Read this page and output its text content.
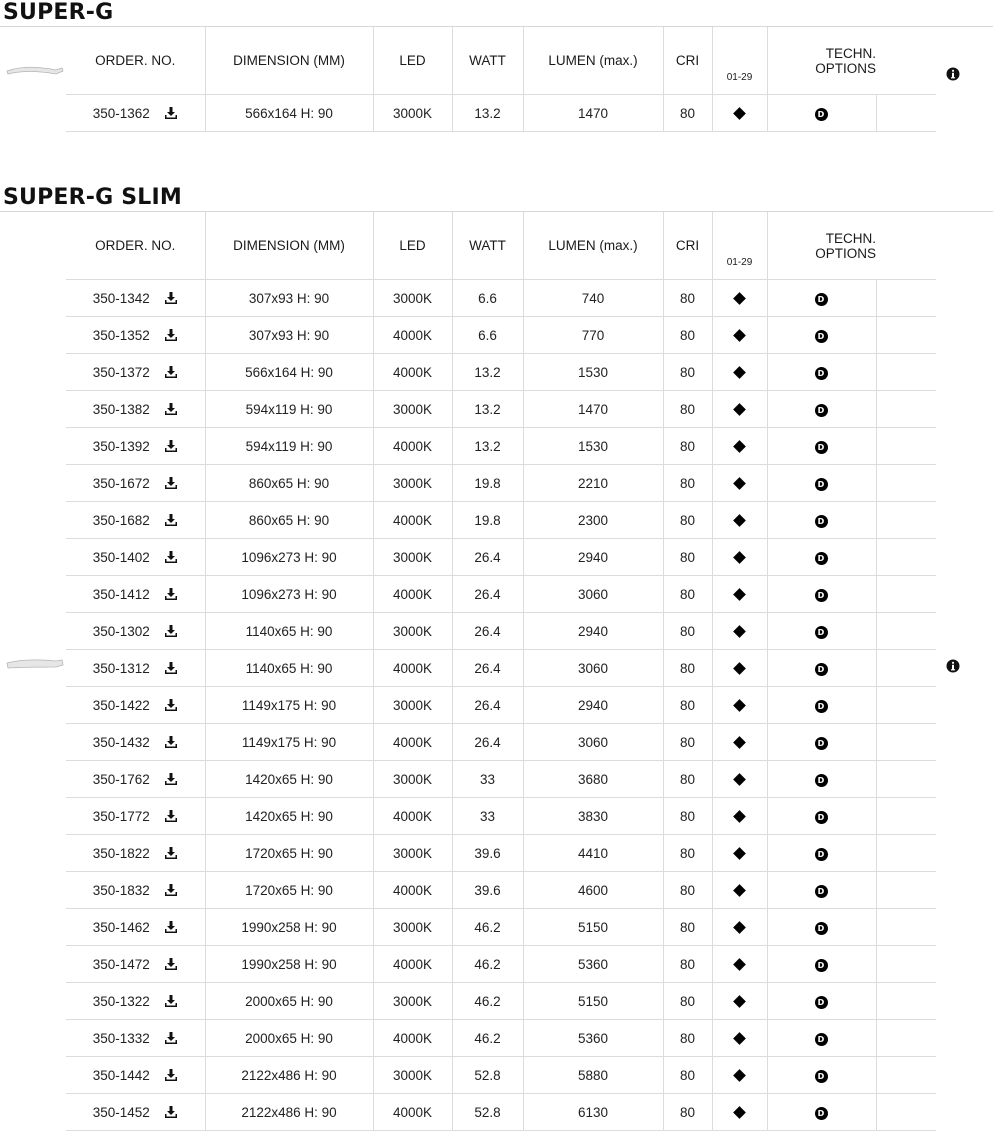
SUPER-G
ORDER. NO.	DIMENSION (MM)	LED	WATT	LUMEN (max.)	CRI	01-29	TECHN. OPTIONS	

350-1362	566x164 H: 90	3000K	13.2	1470	80		D	
SUPER-G SLIM
ORDER. NO.	DIMENSION (MM)	LED	WATT	LUMEN (max.)	CRI	01-29	TECHN. OPTIONS	

350-1342	307x93 H: 90	3000K	6.6	740	80		D	

350-1352	307x93 H: 90	4000K	6.6	770	80		D	

350-1372	566x164 H: 90	4000K	13.2	1530	80		D	

350-1382	594x119 H: 90	3000K	13.2	1470	80		D	

350-1392	594x119 H: 90	4000K	13.2	1530	80		D	

350-1672	860x65 H: 90	3000K	19.8	2210	80		D	

350-1682	860x65 H: 90	4000K	19.8	2300	80		D	

350-1402	1096x273 H: 90	3000K	26.4	2940	80		D	

350-1412	1096x273 H: 90	4000K	26.4	3060	80		D	

350-1302	1140x65 H: 90	3000K	26.4	2940	80		D	

350-1312	1140x65 H: 90	4000K	26.4	3060	80		D	

350-1422	1149x175 H: 90	3000K	26.4	2940	80		D	

350-1432	1149x175 H: 90	4000K	26.4	3060	80		D	

350-1762	1420x65 H: 90	3000K	33	3680	80		D	

350-1772	1420x65 H: 90	4000K	33	3830	80		D	

350-1822	1720x65 H: 90	3000K	39.6	4410	80		D	

350-1832	1720x65 H: 90	4000K	39.6	4600	80		D	

350-1462	1990x258 H: 90	3000K	46.2	5150	80		D	

350-1472	1990x258 H: 90	4000K	46.2	5360	80		D	

350-1322	2000x65 H: 90	3000K	46.2	5150	80		D	

350-1332	2000x65 H: 90	4000K	46.2	5360	80		D	

350-1442	2122x486 H: 90	3000K	52.8	5880	80		D	

350-1452	2122x486 H: 90	4000K	52.8	6130	80		D	
